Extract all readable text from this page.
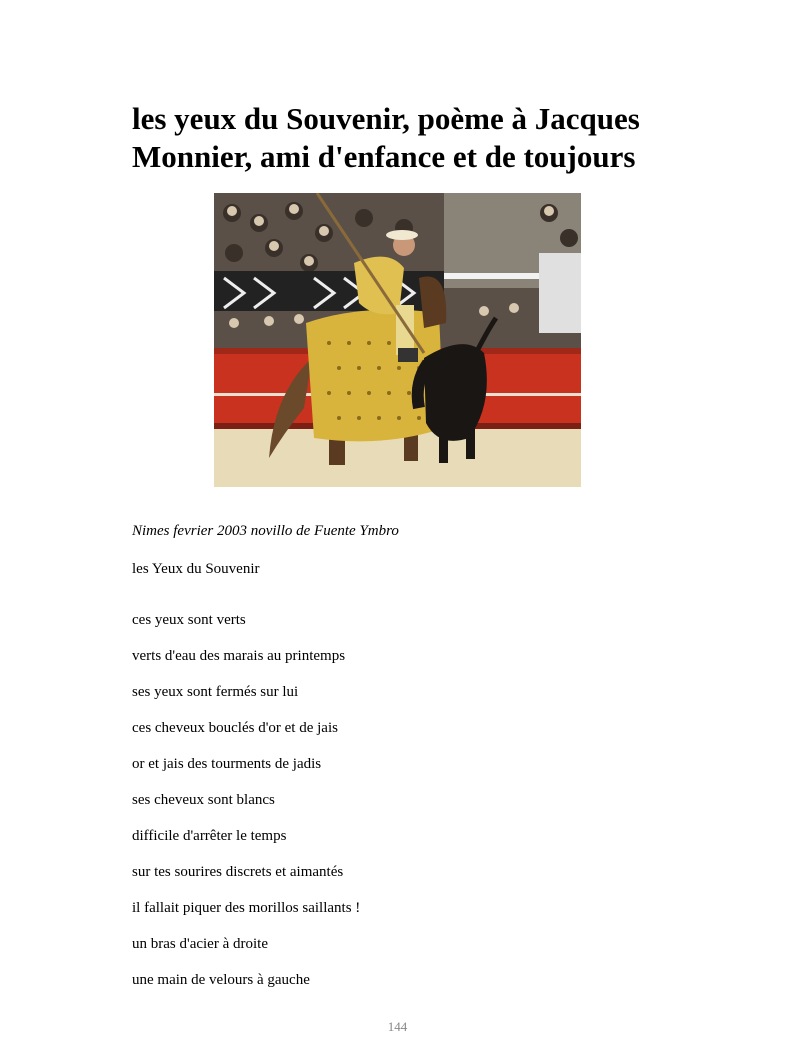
les yeux du Souvenir, poème à Jacques Monnier, ami d'enfance et de toujours
Nimes fevrier 2003 novillo de Fuente Ymbro
les Yeux du Souvenir
ces yeux sont verts
verts d'eau des marais au printemps
ses yeux sont fermés sur lui
ces cheveux bouclés d'or et de jais
or et jais des tourments de jadis
ses cheveux sont blancs
difficile d'arrêter le temps
sur tes sourires discrets et aimantés
il fallait piquer des morillos saillants !
un bras d'acier à droite
une main de velours à gauche
144
